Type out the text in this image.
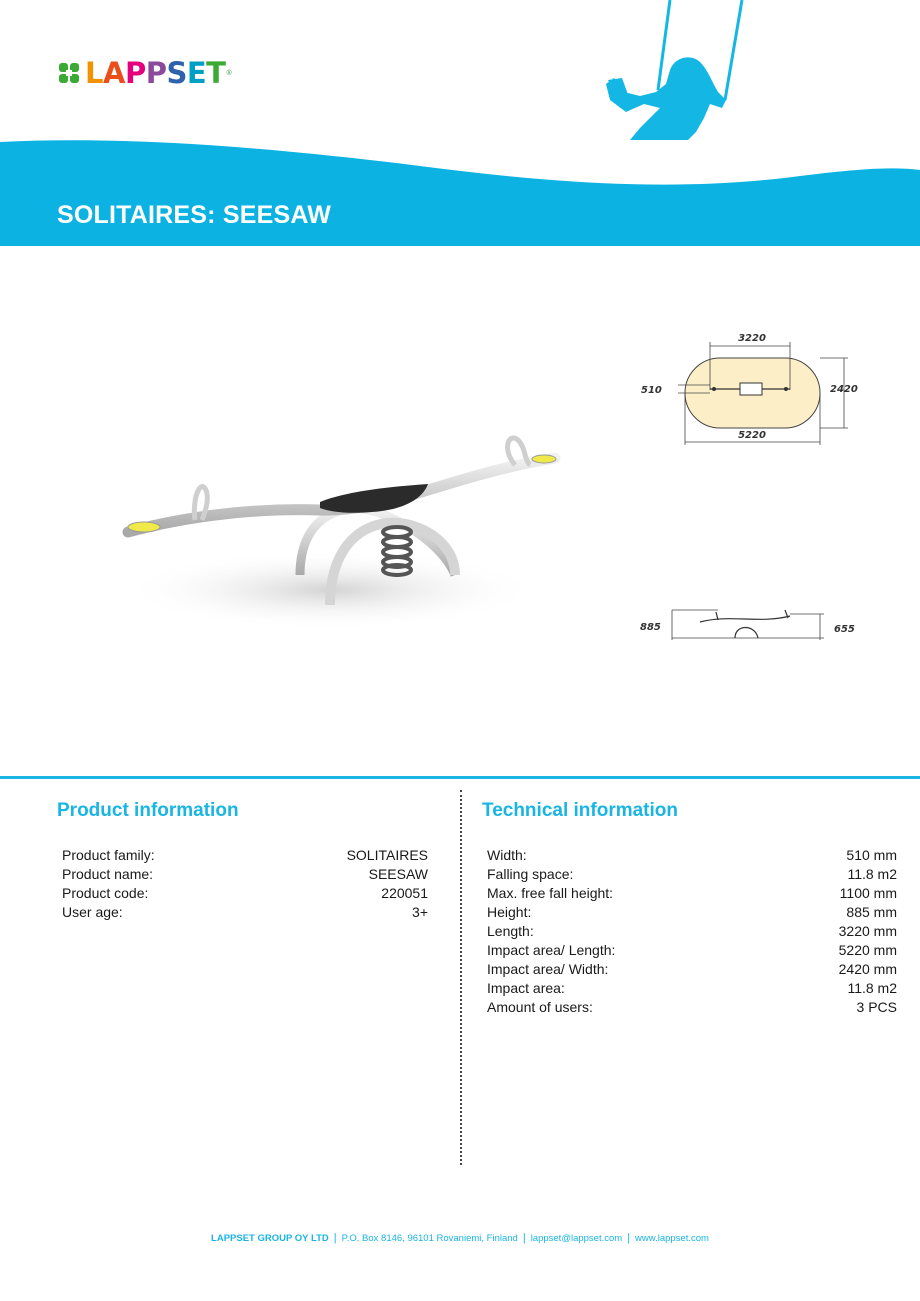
LAPPSET ®
SOLITAIRES: SEESAW
3220
510	2420
5220
885	655
Product information
Product family:	SOLITAIRES
Product name:	SEESAW
Product code:	220051
User age:	3+
Technical information
Width:	510 mm
Falling space:	11.8 m2
Max. free fall height:	1100 mm
Height:	885 mm
Length:	3220 mm
Impact area/ Length:	5220 mm
Impact area/ Width:	2420 mm
Impact area:	11.8 m2
Amount of users:	3 PCS
LAPPSET GROUP OY LTD | P.O. Box 8146, 96101 Rovaniemi, Finland | lappset@lappset.com | www.lappset.com
